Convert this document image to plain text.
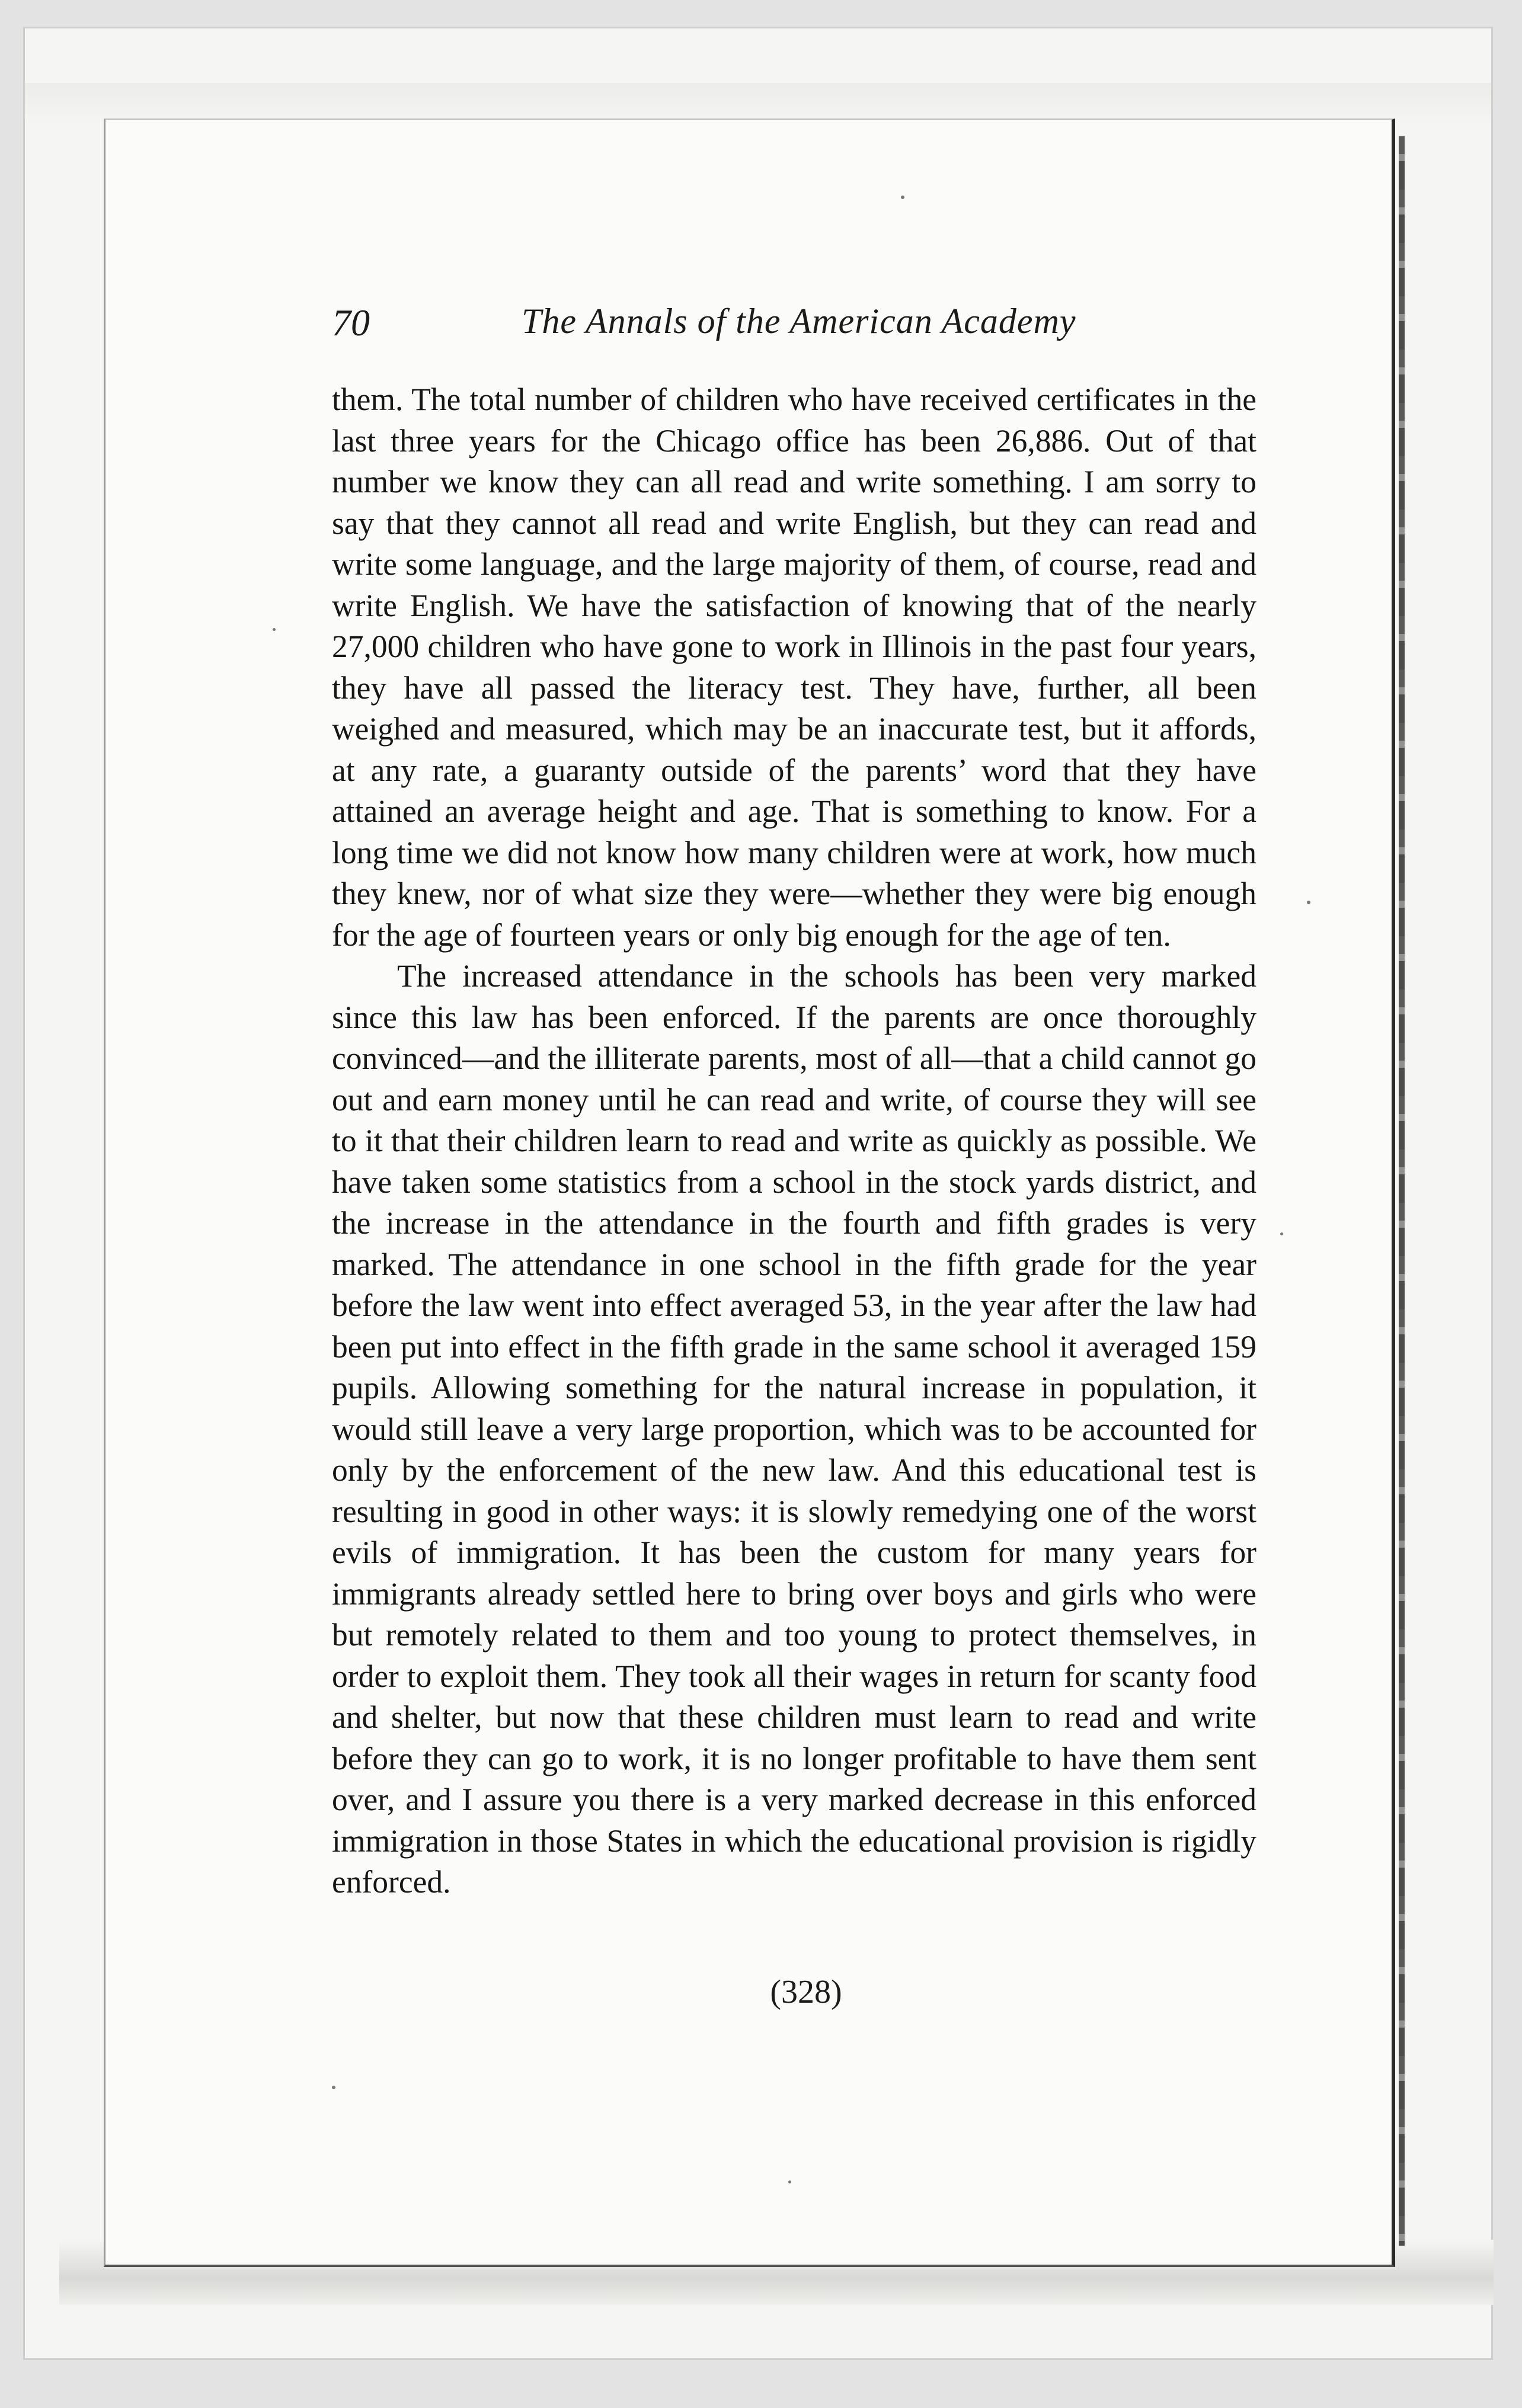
70	The Annals of the American Academy

them. The total number of children who have received certificates in the last three years for the Chicago office has been 26,886. Out of that number we know they can all read and write something. I am sorry to say that they cannot all read and write English, but they can read and write some language, and the large majority of them, of course, read and write English. We have the satisfaction of knowing that of the nearly 27,000 children who have gone to work in Illinois in the past four years, they have all passed the literacy test. They have, further, all been weighed and measured, which may be an inaccurate test, but it affords, at any rate, a guaranty outside of the parents’ word that they have attained an average height and age. That is something to know. For a long time we did not know how many children were at work, how much they knew, nor of what size they were—whether they were big enough for the age of fourteen years or only big enough for the age of ten.

The increased attendance in the schools has been very marked since this law has been enforced. If the parents are once thoroughly convinced—and the illiterate parents, most of all—that a child cannot go out and earn money until he can read and write, of course they will see to it that their children learn to read and write as quickly as possible. We have taken some statistics from a school in the stock yards district, and the increase in the attendance in the fourth and fifth grades is very marked. The attendance in one school in the fifth grade for the year before the law went into effect averaged 53, in the year after the law had been put into effect in the fifth grade in the same school it averaged 159 pupils. Allowing something for the natural increase in population, it would still leave a very large proportion, which was to be accounted for only by the enforcement of the new law. And this educational test is resulting in good in other ways: it is slowly remedying one of the worst evils of immigration. It has been the custom for many years for immigrants already settled here to bring over boys and girls who were but remotely related to them and too young to protect themselves, in order to exploit them. They took all their wages in return for scanty food and shelter, but now that these children must learn to read and write before they can go to work, it is no longer profitable to have them sent over, and I assure you there is a very marked decrease in this enforced immigration in those States in which the educational provision is rigidly enforced.

(328)
